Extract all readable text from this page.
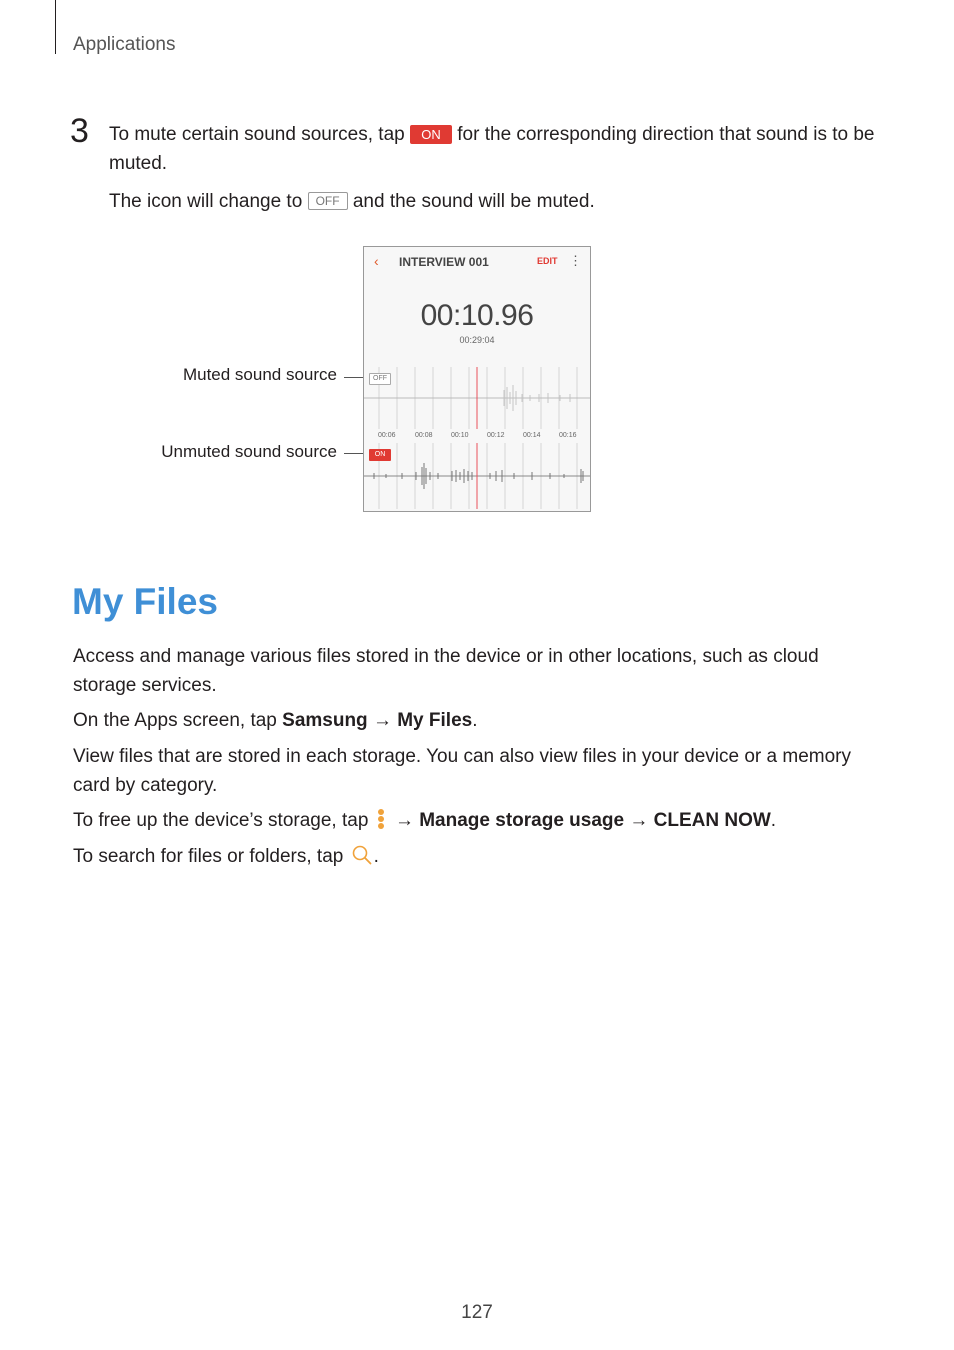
Applications
3 To mute certain sound sources, tap ON for the corresponding direction that sound is to be muted.
The icon will change to OFF and the sound will be muted.
Muted sound source
Unmuted sound source
‹ INTERVIEW 001	EDIT ⋮
00:10.96
00:29:04
OFF
00:06	00:08	00:10	00:12	00:14	00:16
ON
My Files
Access and manage various files stored in the device or in other locations, such as cloud storage services.
On the Apps screen, tap Samsung → My Files.
View files that are stored in each storage. You can also view files in your device or a memory card by category.
To free up the device’s storage, tap
→ Manage storage usage → CLEAN NOW.
To search for files or folders, tap .
127
